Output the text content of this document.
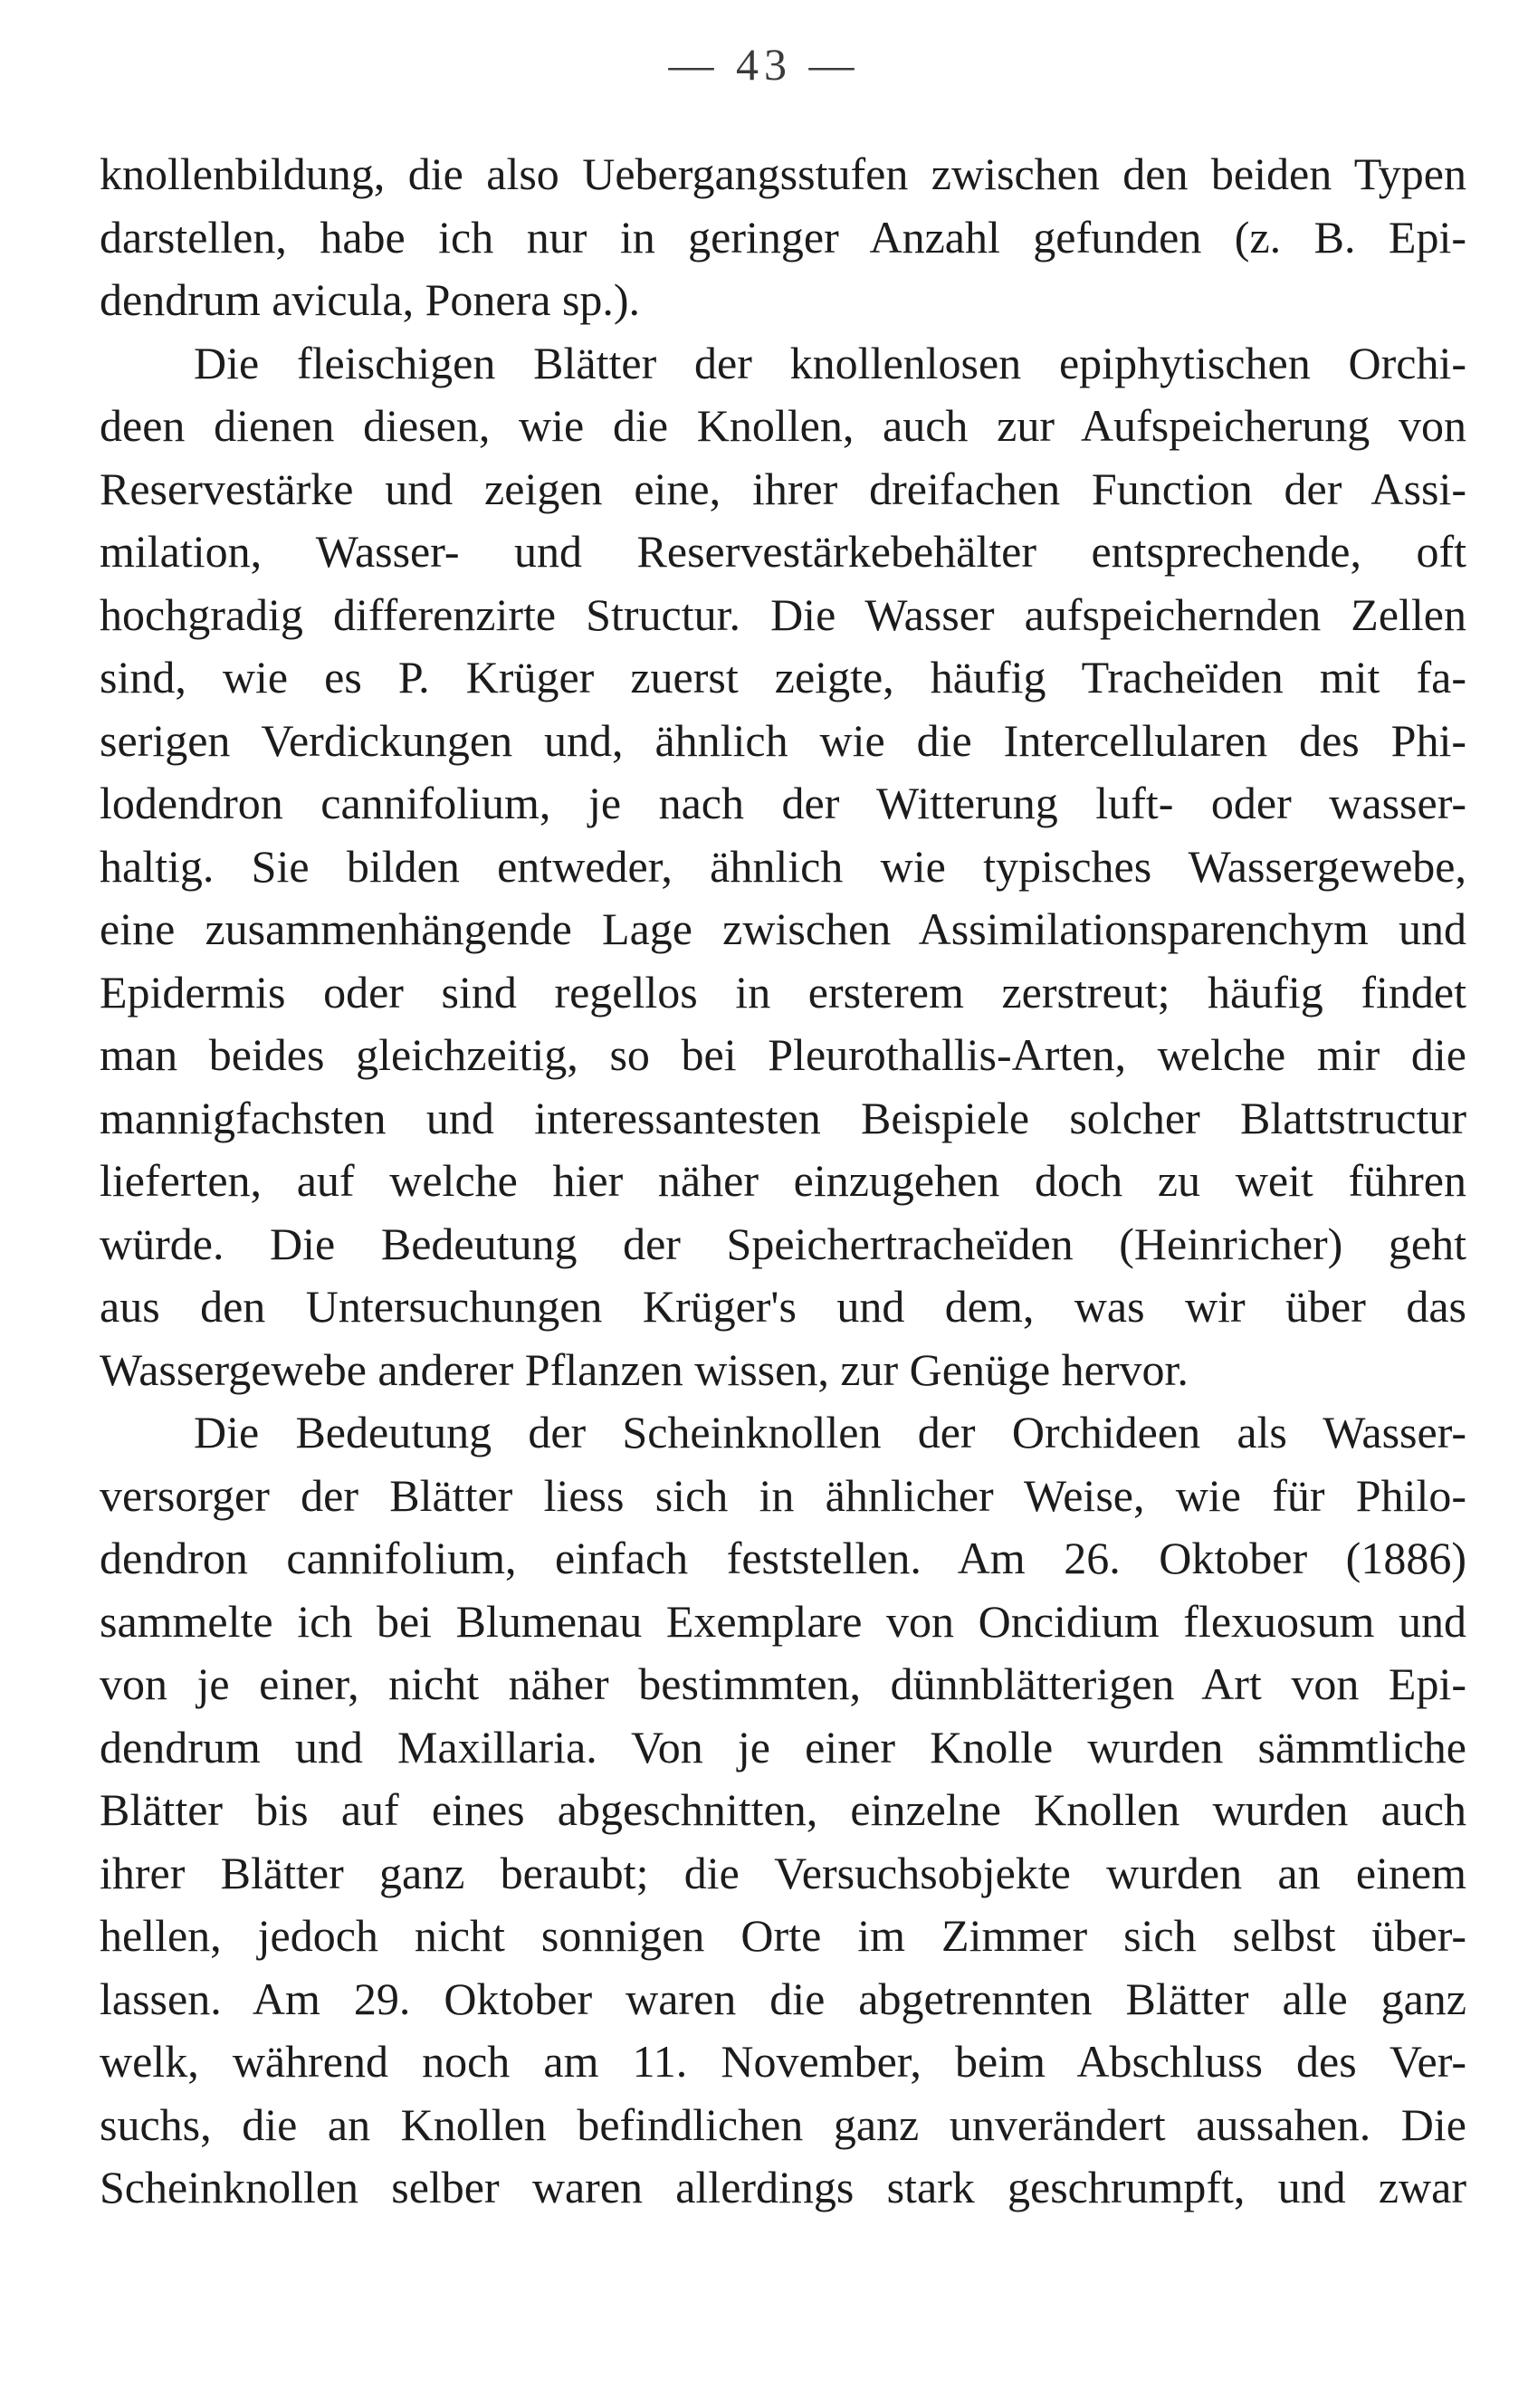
— 43 —
knollenbildung, die also Uebergangsstufen zwischen den beiden Typen
darstellen, habe ich nur in geringer Anzahl gefunden (z. B. Epi-
dendrum avicula, Ponera sp.).
Die fleischigen Blätter der knollenlosen epiphytischen Orchi-
deen dienen diesen, wie die Knollen, auch zur Aufspeicherung von
Reservestärke und zeigen eine, ihrer dreifachen Function der Assi-
milation, Wasser- und Reservestärkebehälter entsprechende, oft
hochgradig differenzirte Structur. Die Wasser aufspeichernden Zellen
sind, wie es P. Krüger zuerst zeigte, häufig Tracheïden mit fa-
serigen Verdickungen und, ähnlich wie die Intercellularen des Phi-
lodendron cannifolium, je nach der Witterung luft- oder wasser-
haltig. Sie bilden entweder, ähnlich wie typisches Wassergewebe,
eine zusammenhängende Lage zwischen Assimilationsparenchym und
Epidermis oder sind regellos in ersterem zerstreut; häufig findet
man beides gleichzeitig, so bei Pleurothallis-Arten, welche mir die
mannigfachsten und interessantesten Beispiele solcher Blattstructur
lieferten, auf welche hier näher einzugehen doch zu weit führen
würde. Die Bedeutung der Speichertracheïden (Heinricher) geht
aus den Untersuchungen Krüger's und dem, was wir über das
Wassergewebe anderer Pflanzen wissen, zur Genüge hervor.
Die Bedeutung der Scheinknollen der Orchideen als Wasser-
versorger der Blätter liess sich in ähnlicher Weise, wie für Philo-
dendron cannifolium, einfach feststellen. Am 26. Oktober (1886)
sammelte ich bei Blumenau Exemplare von Oncidium flexuosum und
von je einer, nicht näher bestimmten, dünnblätterigen Art von Epi-
dendrum und Maxillaria. Von je einer Knolle wurden sämmtliche
Blätter bis auf eines abgeschnitten, einzelne Knollen wurden auch
ihrer Blätter ganz beraubt; die Versuchsobjekte wurden an einem
hellen, jedoch nicht sonnigen Orte im Zimmer sich selbst über-
lassen. Am 29. Oktober waren die abgetrennten Blätter alle ganz
welk, während noch am 11. November, beim Abschluss des Ver-
suchs, die an Knollen befindlichen ganz unverändert aussahen. Die
Scheinknollen selber waren allerdings stark geschrumpft, und zwar
